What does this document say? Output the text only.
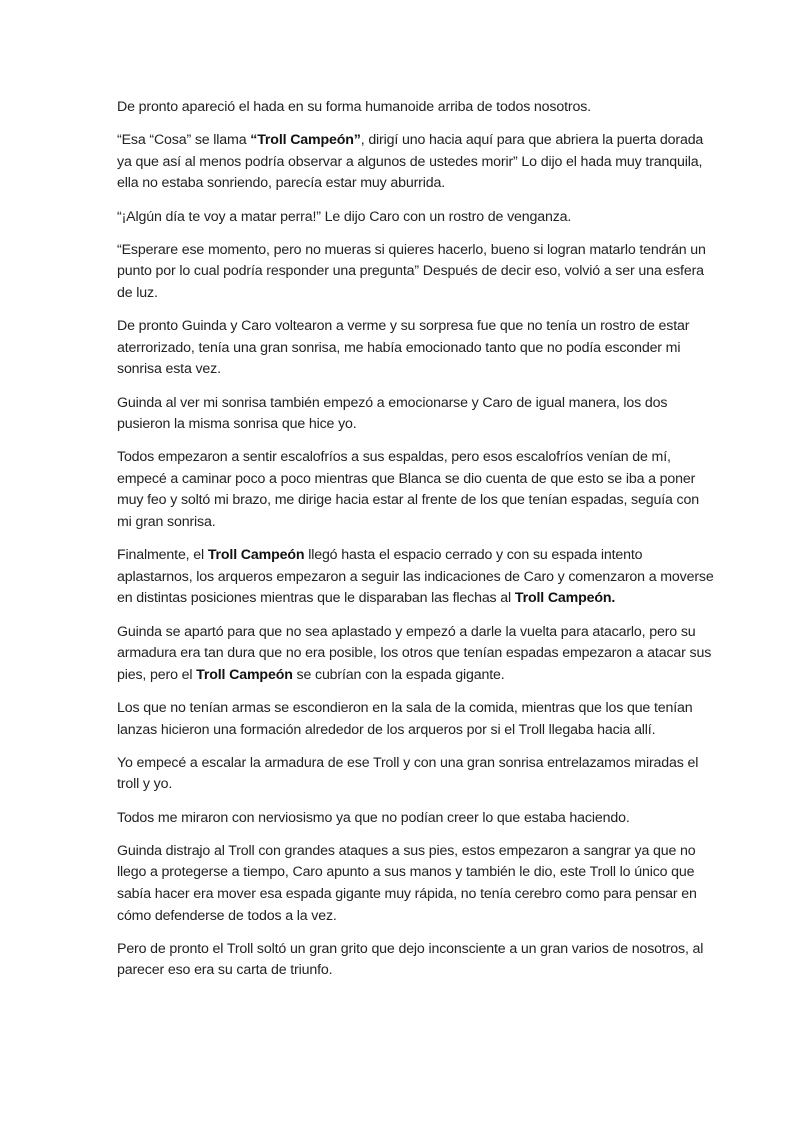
De pronto apareció el hada en su forma humanoide arriba de todos nosotros.

“Esa “Cosa” se llama “Troll Campeón”, dirigí uno hacia aquí para que abriera la puerta dorada ya que así al menos podría observar a algunos de ustedes morir” Lo dijo el hada muy tranquila, ella no estaba sonriendo, parecía estar muy aburrida.

“¡Algún día te voy a matar perra!” Le dijo Caro con un rostro de venganza.

“Esperare ese momento, pero no mueras si quieres hacerlo, bueno si logran matarlo tendrán un punto por lo cual podría responder una pregunta” Después de decir eso, volvió a ser una esfera de luz.

De pronto Guinda y Caro voltearon a verme y su sorpresa fue que no tenía un rostro de estar aterrorizado, tenía una gran sonrisa, me había emocionado tanto que no podía esconder mi sonrisa esta vez.

Guinda al ver mi sonrisa también empezó a emocionarse y Caro de igual manera, los dos pusieron la misma sonrisa que hice yo.

Todos empezaron a sentir escalofríos a sus espaldas, pero esos escalofríos venían de mí, empecé a caminar poco a poco mientras que Blanca se dio cuenta de que esto se iba a poner muy feo y soltó mi brazo, me dirige hacia estar al frente de los que tenían espadas, seguía con mi gran sonrisa.

Finalmente, el Troll Campeón llegó hasta el espacio cerrado y con su espada intento aplastarnos, los arqueros empezaron a seguir las indicaciones de Caro y comenzaron a moverse en distintas posiciones mientras que le disparaban las flechas al Troll Campeón.

Guinda se apartó para que no sea aplastado y empezó a darle la vuelta para atacarlo, pero su armadura era tan dura que no era posible, los otros que tenían espadas empezaron a atacar sus pies, pero el Troll Campeón se cubrían con la espada gigante.

Los que no tenían armas se escondieron en la sala de la comida, mientras que los que tenían lanzas hicieron una formación alrededor de los arqueros por si el Troll llegaba hacia allí.

Yo empecé a escalar la armadura de ese Troll y con una gran sonrisa entrelazamos miradas el troll y yo.

Todos me miraron con nerviosismo ya que no podían creer lo que estaba haciendo.

Guinda distrajo al Troll con grandes ataques a sus pies, estos empezaron a sangrar ya que no llego a protegerse a tiempo, Caro apunto a sus manos y también le dio, este Troll lo único que sabía hacer era mover esa espada gigante muy rápida, no tenía cerebro como para pensar en cómo defenderse de todos a la vez.

Pero de pronto el Troll soltó un gran grito que dejo inconsciente a un gran varios de nosotros, al parecer eso era su carta de triunfo.
